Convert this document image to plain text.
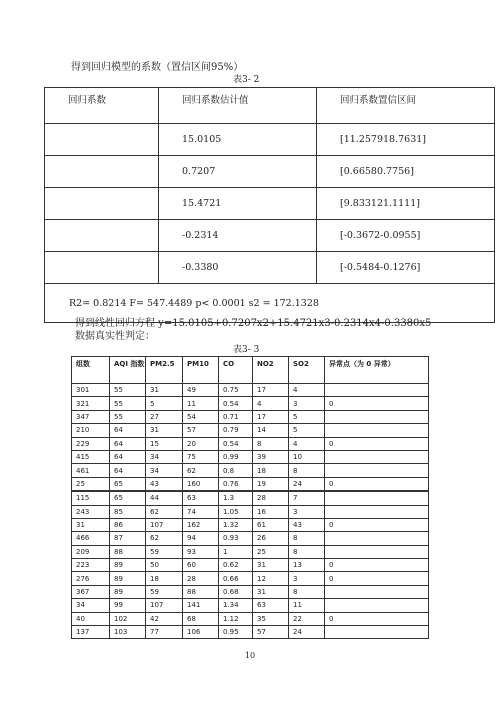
得到回归模型的系数（置信区间95%）
表3- 2
回归系数	回归系数估计值	回归系数置信区间
	15.0105	[11.257918.7631]
	0.7207	[0.66580.7756]
	15.4721	[9.833121.1111]
	-0.2314	[-0.3672-0.0955]
	-0.3380	[-0.5484-0.1276]
R2= 0.8214 F= 547.4489 p< 0.0001 s2 = 172.1328		
得到线性回归方程 y=15.0105+0.7207x2+15.4721x3-0.2314x4-0.3380x5
数据真实性判定：
表3- 3
组数	AQI 指数	PM2.5	PM10	CO	NO2	SO2	异常点（为 0 异常）
301	55	31	49	0.75	17	4	
321	55	5	11	0.54	4	3	0
347	55	27	54	0.71	17	5	
210	64	31	57	0.79	14	5	
229	64	15	20	0.54	8	4	0
415	64	34	75	0.99	39	10	
461	64	34	62	0.8	18	8	
25	65	43	160	0.76	19	24	0
115	65	44	63	1.3	28	7	
243	85	62	74	1.05	16	3	
31	86	107	162	1.32	61	43	0
466	87	62	94	0.93	26	8	
209	88	59	93	1	25	8	
223	89	50	60	0.62	31	13	0
276	89	18	28	0.66	12	3	0
367	89	59	88	0.68	31	8	
34	99	107	141	1.34	63	11	
40	102	42	68	1.12	35	22	0
137	103	77	106	0.95	57	24	
10
